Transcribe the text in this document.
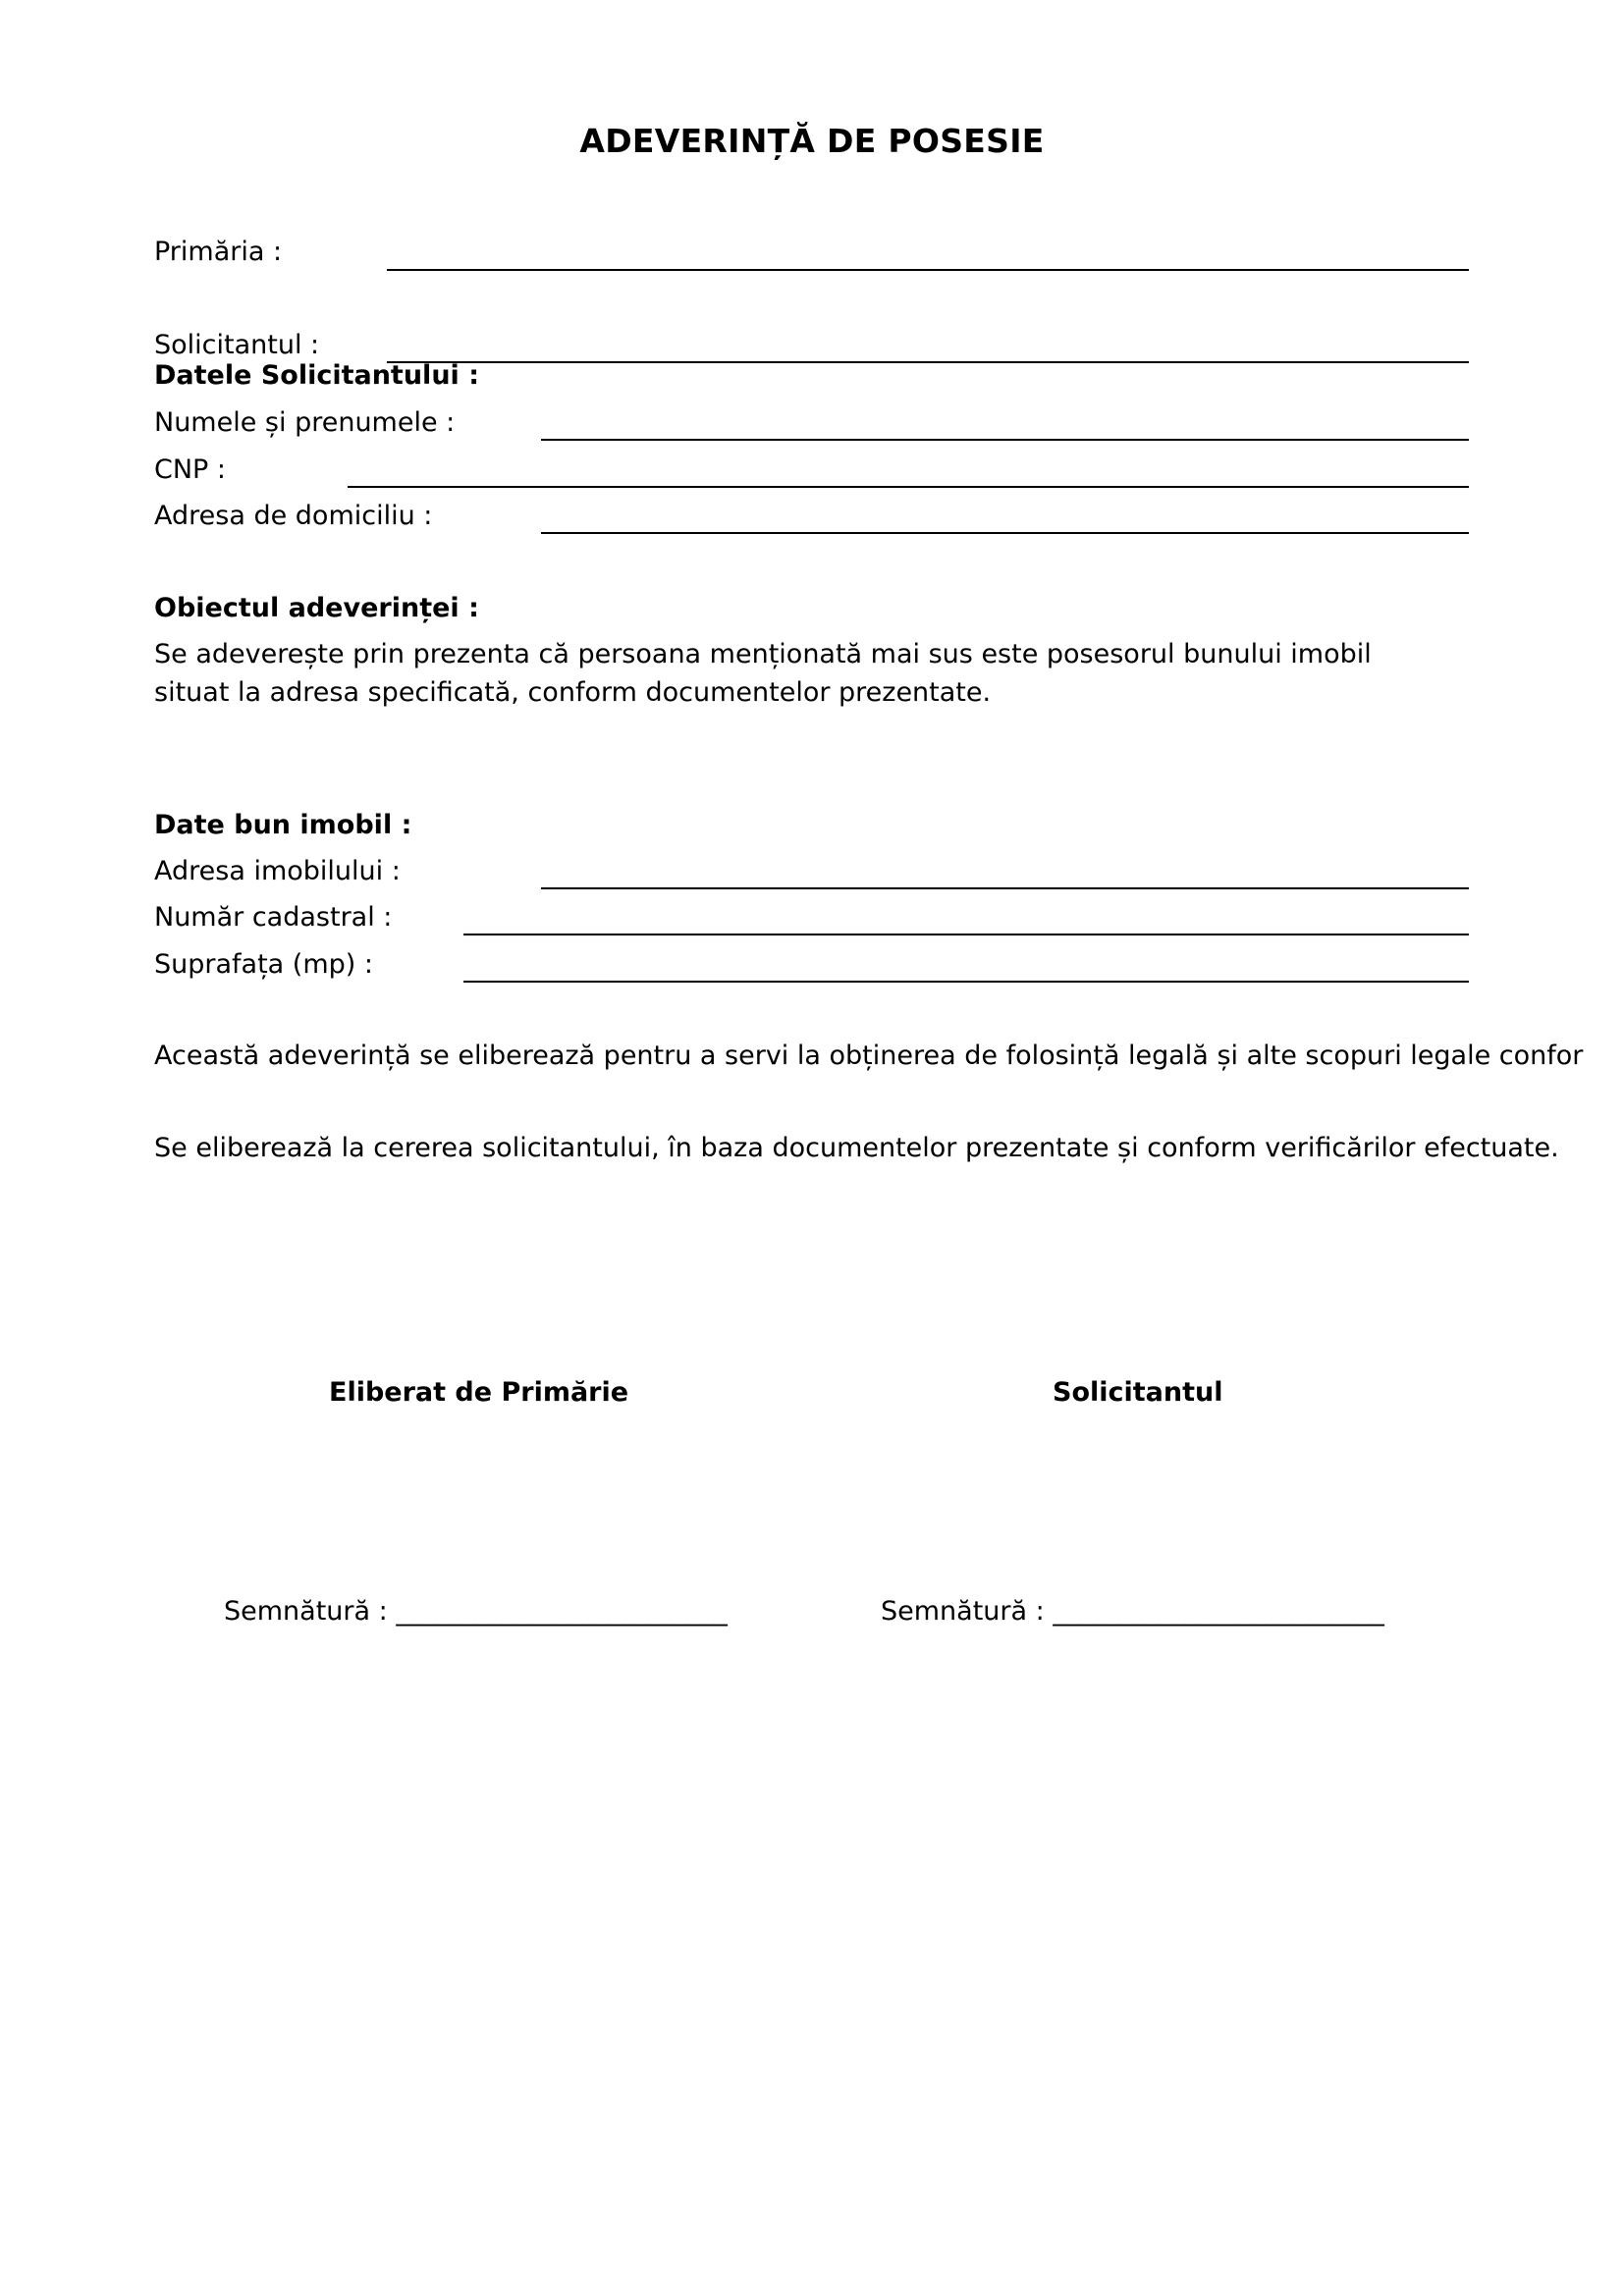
ADEVERINȚĂ DE POSESIE
Primăria :
Solicitantul :
Datele Solicitantului :
Numele și prenumele :
CNP :
Adresa de domiciliu :
Obiectul adeverinței :
Se adeverește prin prezenta că persoana menționată mai sus este posesorul bunului imobil
situat la adresa specificată, conform documentelor prezentate.
Date bun imobil :
Adresa imobilului :
Număr cadastral :
Suprafața (mp) :
Această adeverință se eliberează pentru a servi la obținerea de folosință legală și alte scopuri legale confor
Se eliberează la cererea solicitantului, în baza documentelor prezentate și conform verificărilor efectuate.
Eliberat de Primărie	Solicitantul
Semnătură : _________________________	Semnătură : _________________________
